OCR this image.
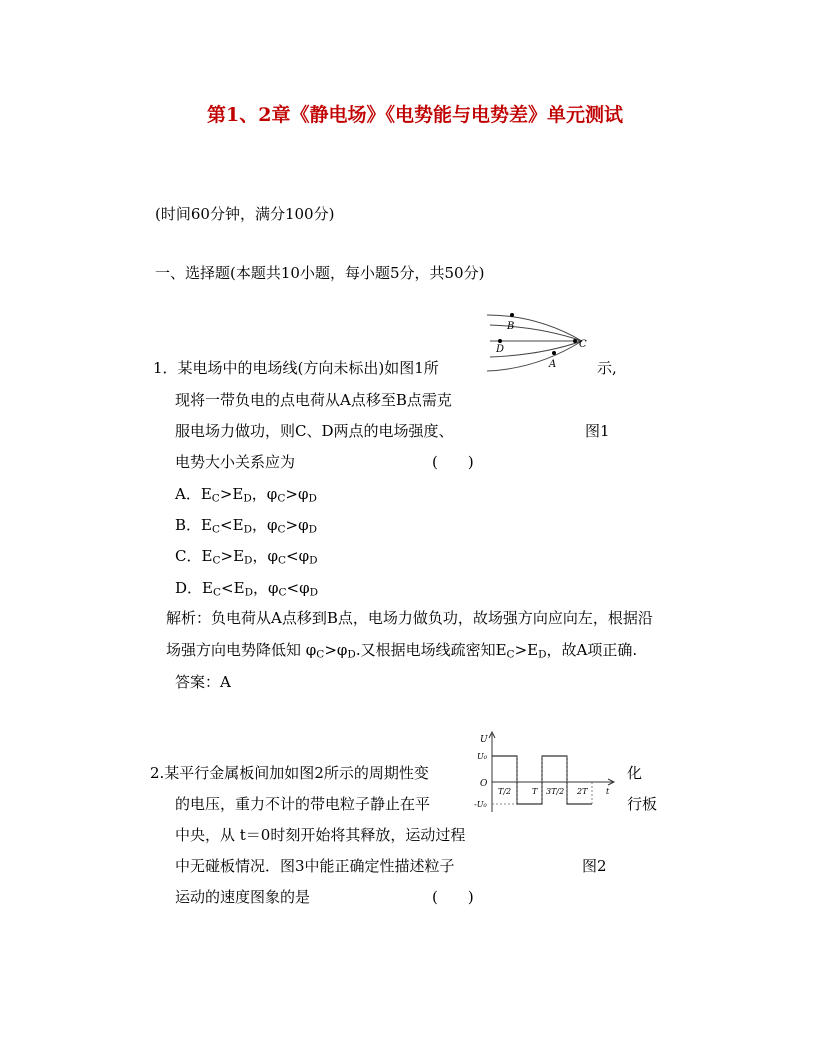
第1、2章《静电场》《电势能与电势差》单元测试
(时间60分钟，满分100分)
一、选择题(本题共10小题，每小题5分，共50分)
B
D	C
A
1．某电场中的电场线(方向未标出)如图1所	示,
现将一带负电的点电荷从A点移至B点需克
服电场力做功，则C、D两点的电场强度、	图1
电势大小关系应为	(　　)
A．$E_C>E_D$，$\varphi_C>\varphi_D$
B．$E_C<E_D$，$\varphi_C>\varphi_D$
C．$E_C>E_D$，$\varphi_C<\varphi_D$
D．$E_C<E_D$，$\varphi_C<\varphi_D$
解析：负电荷从A点移到B点，电场力做负功，故场强方向应向左，根据沿
场强方向电势降低知 $\varphi_C>\varphi_D$.又根据电场线疏密知$E_C>E_D$，故A项正确.
答案：A
U
U₀
O
-U₀
T/2	T 3T/2 2T t
2.某平行金属板间加如图2所示的周期性变	化
的电压，重力不计的带电粒子静止在平	行板
中央，从 t＝0时刻开始将其释放，运动过程
中无碰板情况．图3中能正确定性描述粒子	图2
运动的速度图象的是	(　　)
